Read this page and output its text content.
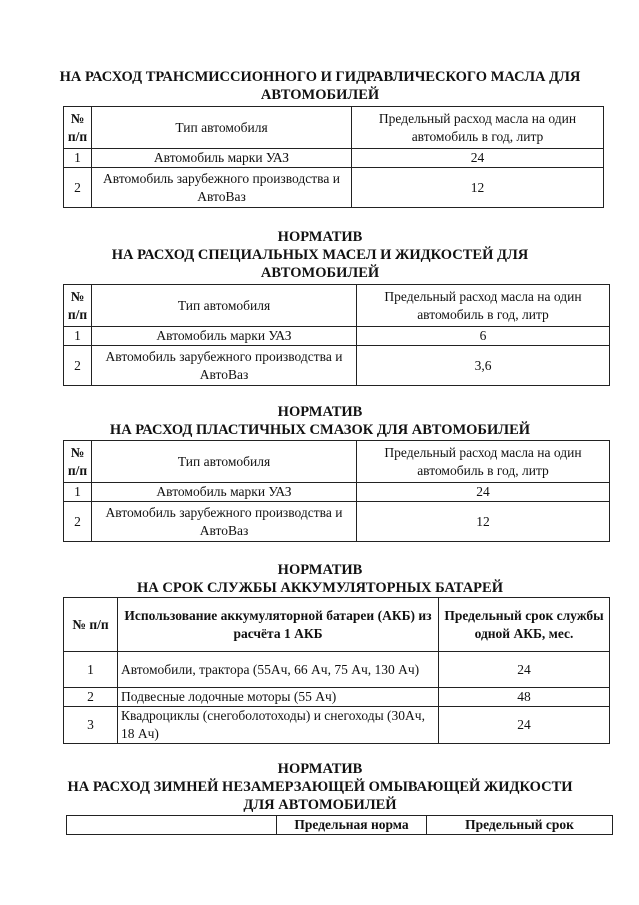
НА РАСХОД ТРАНСМИССИОННОГО И ГИДРАВЛИЧЕСКОГО МАСЛА ДЛЯ
АВТОМОБИЛЕЙ
№ п/п	Тип автомобиля	Предельный расход масла на один автомобиль в год, литр
1	Автомобиль марки УАЗ	24
2	Автомобиль зарубежного производства и АвтоВаз	12
НОРМАТИВ
НА РАСХОД СПЕЦИАЛЬНЫХ МАСЕЛ И ЖИДКОСТЕЙ ДЛЯ
АВТОМОБИЛЕЙ
№ п/п	Тип автомобиля	Предельный расход масла на один автомобиль в год, литр
1	Автомобиль марки УАЗ	6
2	Автомобиль зарубежного производства и АвтоВаз	3,6
НОРМАТИВ
НА РАСХОД ПЛАСТИЧНЫХ СМАЗОК ДЛЯ АВТОМОБИЛЕЙ
№ п/п	Тип автомобиля	Предельный расход масла на один автомобиль в год, литр
1	Автомобиль марки УАЗ	24
2	Автомобиль зарубежного производства и АвтоВаз	12
НОРМАТИВ
НА СРОК СЛУЖБЫ АККУМУЛЯТОРНЫХ БАТАРЕЙ
№ п/п	Использование аккумуляторной батареи (АКБ) из расчёта 1 АКБ	Предельный срок службы одной АКБ, мес.
1	Автомобили, трактора (55Ач, 66 Ач, 75 Ач, 130 Ач)	24
2	Подвесные лодочные моторы (55 Ач)	48
3	Квадроциклы (снегоболотоходы) и снегоходы (30Ач, 18 Ач)	24
НОРМАТИВ
НА РАСХОД ЗИМНЕЙ НЕЗАМЕРЗАЮЩЕЙ ОМЫВАЮЩЕЙ ЖИДКОСТИ
ДЛЯ АВТОМОБИЛЕЙ
	Предельная норма	Предельный срок
